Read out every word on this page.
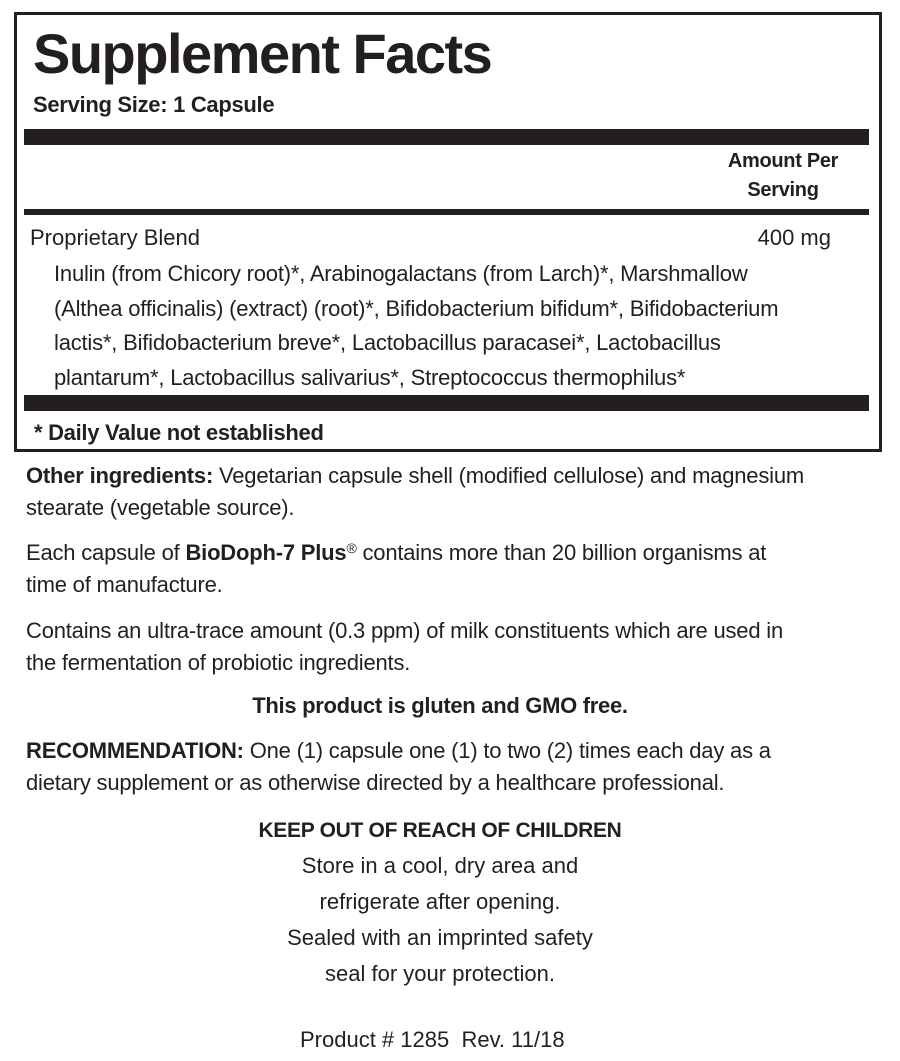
Supplement Facts
Serving Size: 1 Capsule
Amount Per
Serving
Proprietary Blend	400 mg
Inulin (from Chicory root)*, Arabinogalactans (from Larch)*, Marshmallow
(Althea officinalis) (extract) (root)*, Bifidobacterium bifidum*, Bifidobacterium
lactis*, Bifidobacterium breve*, Lactobacillus paracasei*, Lactobacillus
plantarum*, Lactobacillus salivarius*, Streptococcus thermophilus*
* Daily Value not established
Other ingredients: Vegetarian capsule shell (modified cellulose) and magnesium
stearate (vegetable source).
Each capsule of BioDoph-7 Plus® contains more than 20 billion organisms at
time of manufacture.
Contains an ultra-trace amount (0.3 ppm) of milk constituents which are used in
the fermentation of probiotic ingredients.
This product is gluten and GMO free.
RECOMMENDATION: One (1) capsule one (1) to two (2) times each day as a
dietary supplement or as otherwise directed by a healthcare professional.
KEEP OUT OF REACH OF CHILDREN
Store in a cool, dry area and
refrigerate after opening.
Sealed with an imprinted safety
seal for your protection.
Product # 1285  Rev. 11/18
